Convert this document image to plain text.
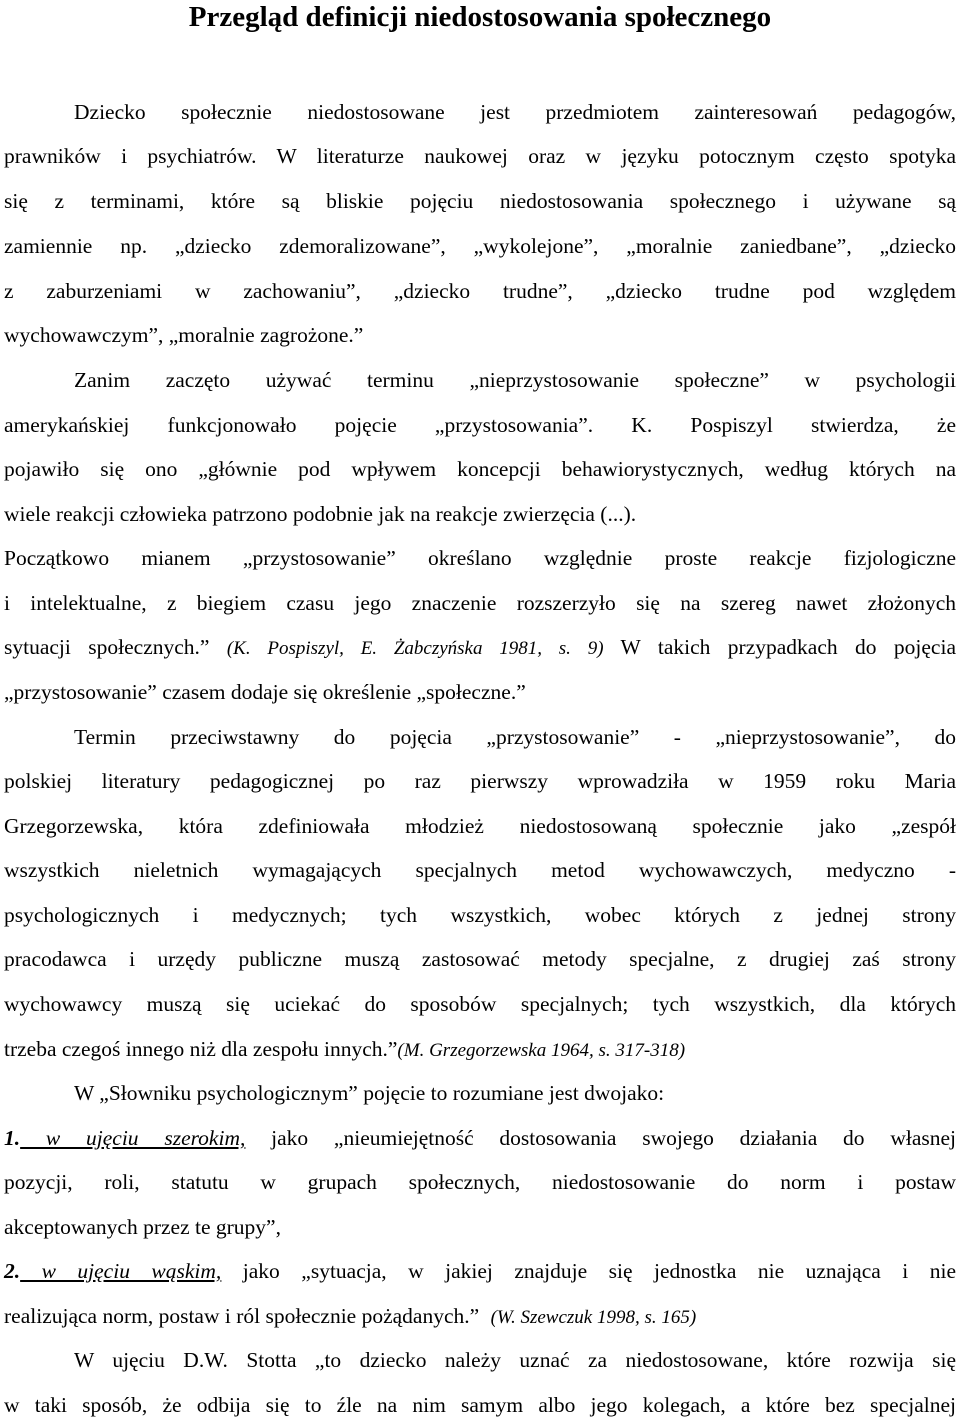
Przegląd definicji niedostosowania społecznego
Dziecko społecznie niedostosowane jest przedmiotem zainteresowań pedagogów,
prawników i psychiatrów. W literaturze naukowej oraz w języku potocznym często spotyka
się z terminami, które są bliskie pojęciu niedostosowania społecznego i używane są
zamiennie np. „dziecko zdemoralizowane”, „wykolejone”, „moralnie zaniedbane”, „dziecko
z zaburzeniami w zachowaniu”, „dziecko trudne”, „dziecko trudne pod względem
wychowawczym”, „moralnie zagrożone.”
Zanim zaczęto używać terminu „nieprzystosowanie społeczne” w psychologii
amerykańskiej funkcjonowało pojęcie „przystosowania”. K. Pospiszyl stwierdza, że
pojawiło się ono „głównie pod wpływem koncepcji behawiorystycznych, według których na
wiele reakcji człowieka patrzono podobnie jak na reakcje zwierzęcia (...).
Początkowo mianem „przystosowanie” określano względnie proste reakcje fizjologiczne
i intelektualne, z biegiem czasu jego znaczenie rozszerzyło się na szereg nawet złożonych
sytuacji społecznych.” (K. Pospiszyl, E. Żabczyńska 1981, s. 9) W takich przypadkach do pojęcia
„przystosowanie” czasem dodaje się określenie „społeczne.”
Termin przeciwstawny do pojęcia „przystosowanie” - „nieprzystosowanie”, do
polskiej literatury pedagogicznej po raz pierwszy wprowadziła w 1959 roku Maria
Grzegorzewska, która zdefiniowała młodzież niedostosowaną społecznie jako „zespół
wszystkich nieletnich wymagających specjalnych metod wychowawczych, medyczno -
psychologicznych i medycznych; tych wszystkich, wobec których z jednej strony
pracodawca i urzędy publiczne muszą zastosować metody specjalne, z drugiej zaś strony
wychowawcy muszą się uciekać do sposobów specjalnych; tych wszystkich, dla których
trzeba czegoś innego niż dla zespołu innych.”(M. Grzegorzewska 1964, s. 317-318)
W „Słowniku psychologicznym” pojęcie to rozumiane jest dwojako:
1. w ujęciu szerokim, jako „nieumiejętność dostosowania swojego działania do własnej
pozycji, roli, statutu w grupach społecznych, niedostosowanie do norm i postaw
akceptowanych przez te grupy”,
2. w ujęciu wąskim, jako „sytuacja, w jakiej znajduje się jednostka nie uznająca i nie
realizująca norm, postaw i ról społecznie pożądanych.” (W. Szewczuk 1998, s. 165)
W ujęciu D.W. Stotta „to dziecko należy uznać za niedostosowane, które rozwija się
w taki sposób, że odbija się to źle na nim samym albo jego kolegach, a które bez specjalnej
